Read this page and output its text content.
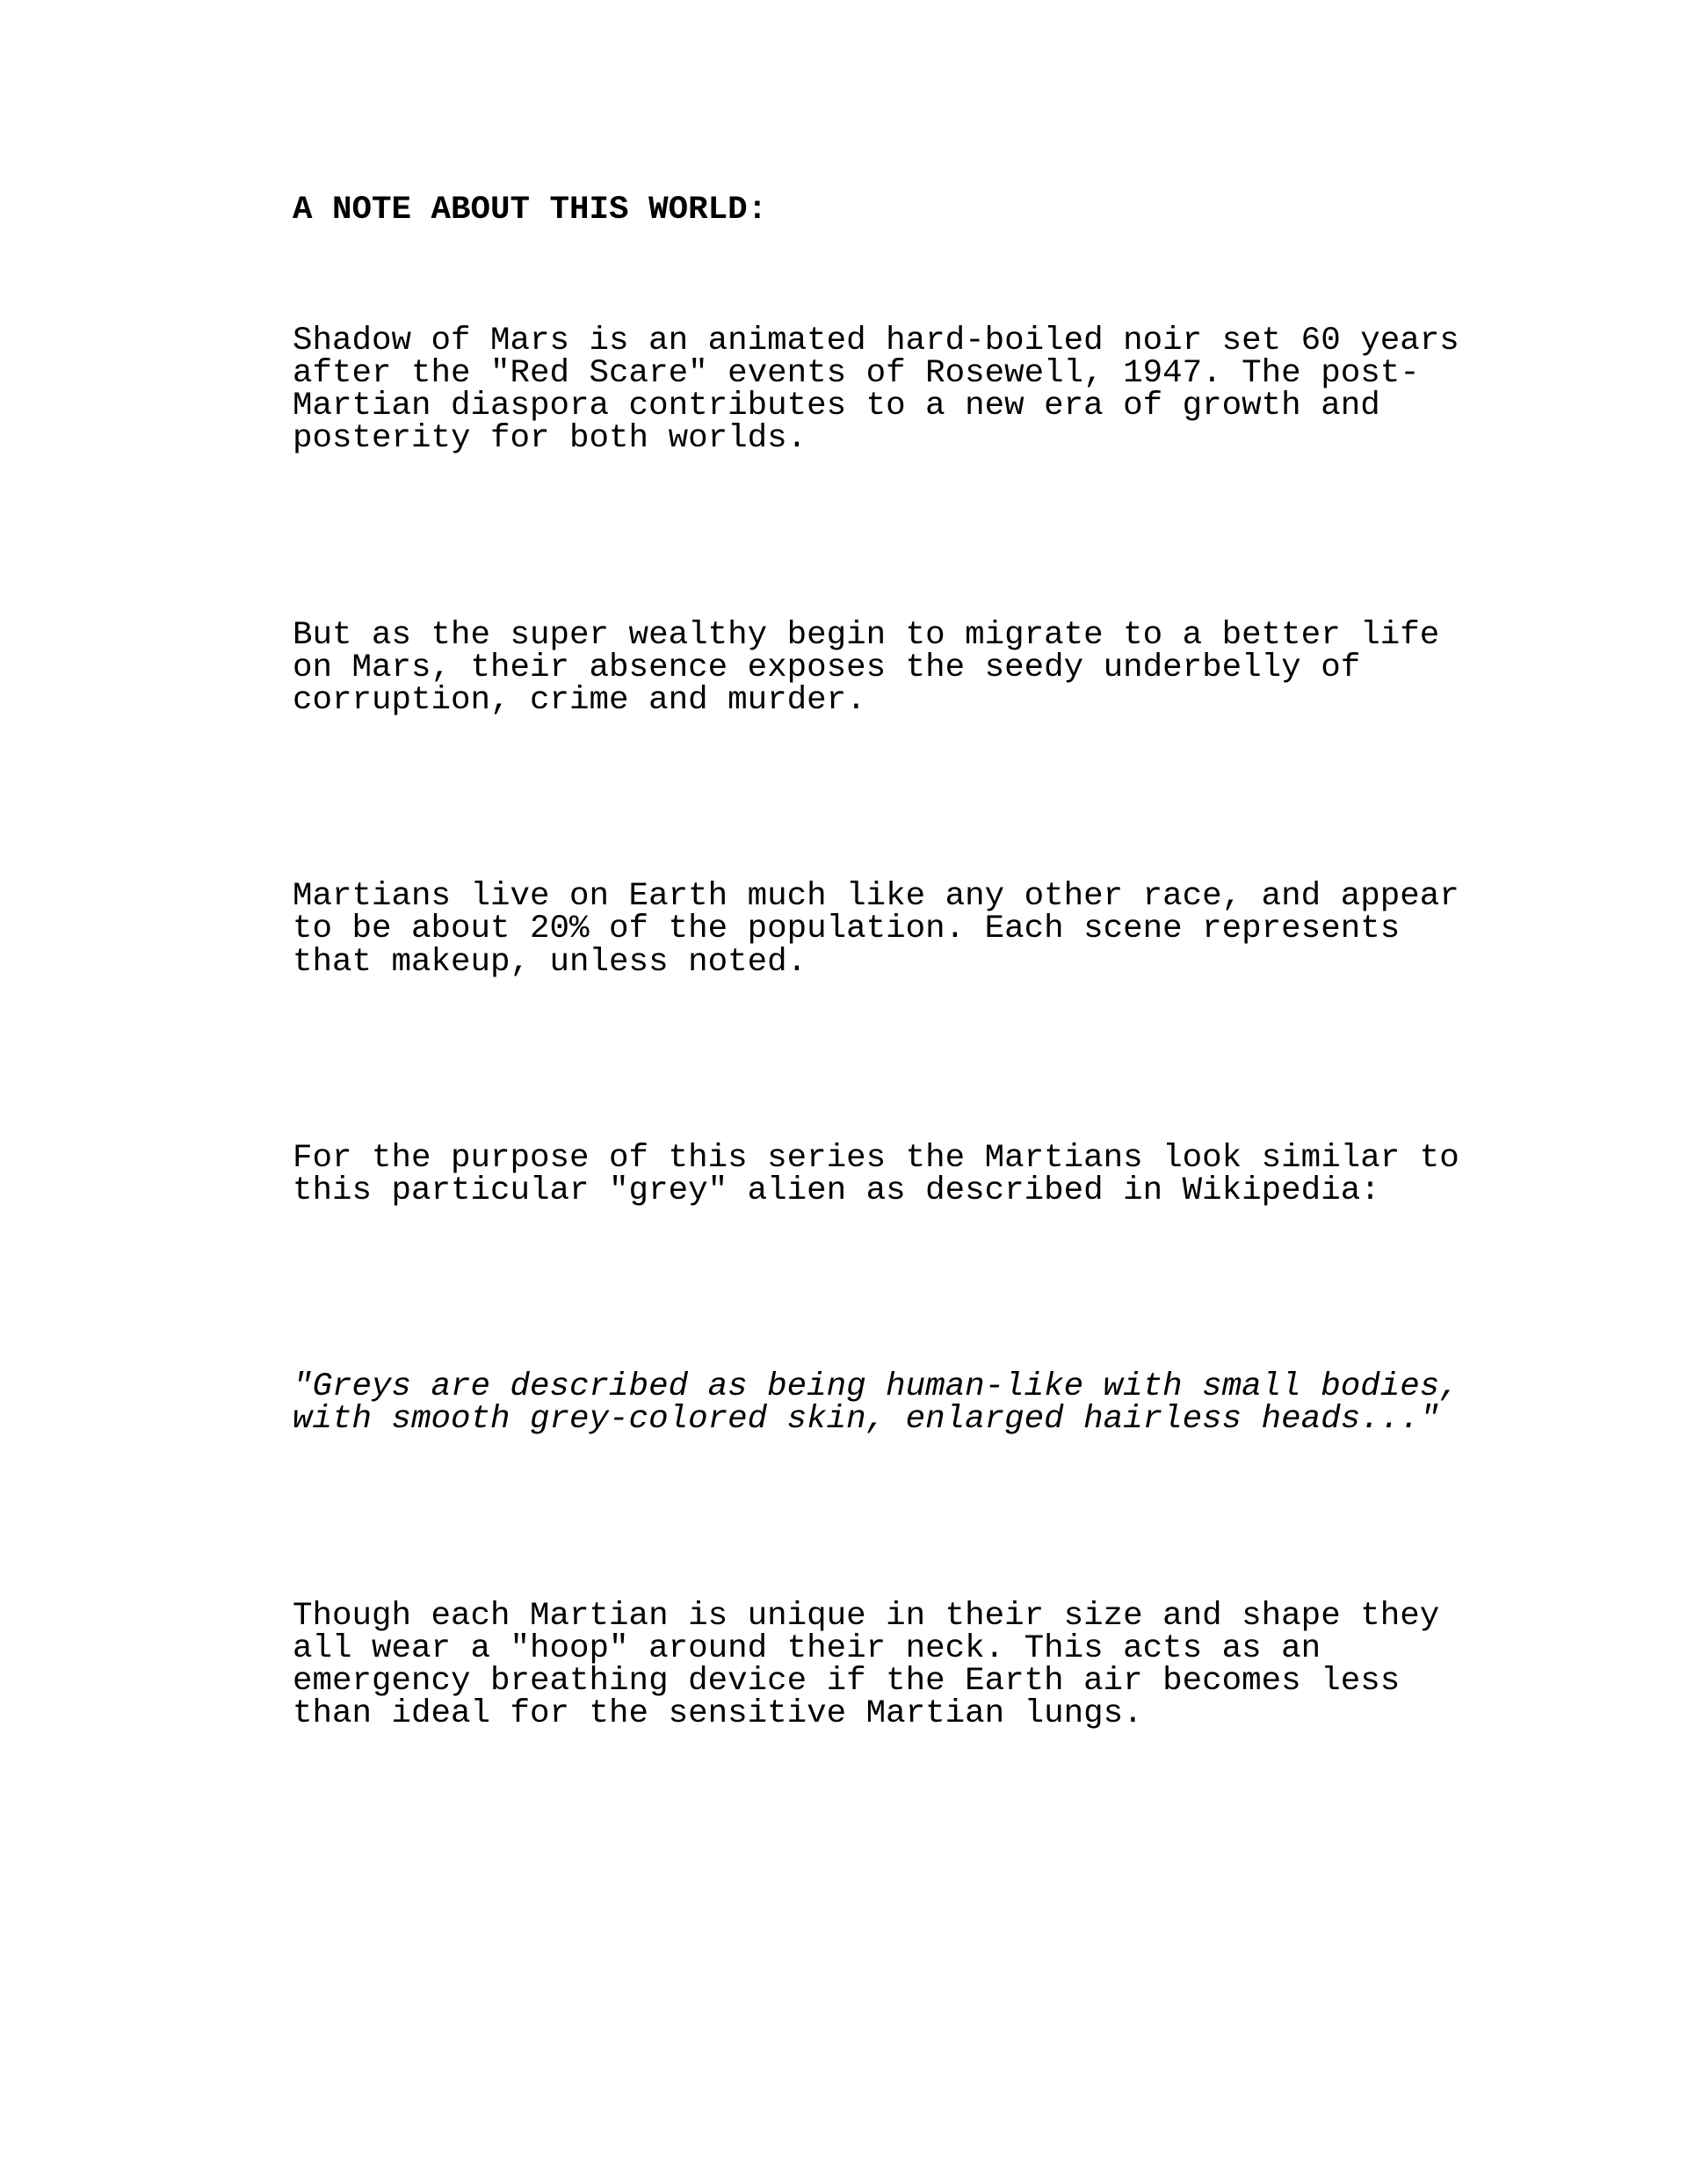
A NOTE ABOUT THIS WORLD:

Shadow of Mars is an animated hard-boiled noir set 60 years
after the "Red Scare" events of Rosewell, 1947. The post-
Martian diaspora contributes to a new era of growth and
posterity for both worlds.

But as the super wealthy begin to migrate to a better life
on Mars, their absence exposes the seedy underbelly of
corruption, crime and murder.

Martians live on Earth much like any other race, and appear
to be about 20% of the population. Each scene represents
that makeup, unless noted.

For the purpose of this series the Martians look similar to
this particular "grey" alien as described in Wikipedia:

"Greys are described as being human-like with small bodies,
with smooth grey-colored skin, enlarged hairless heads..."

Though each Martian is unique in their size and shape they
all wear a "hoop" around their neck. This acts as an
emergency breathing device if the Earth air becomes less
than ideal for the sensitive Martian lungs.
